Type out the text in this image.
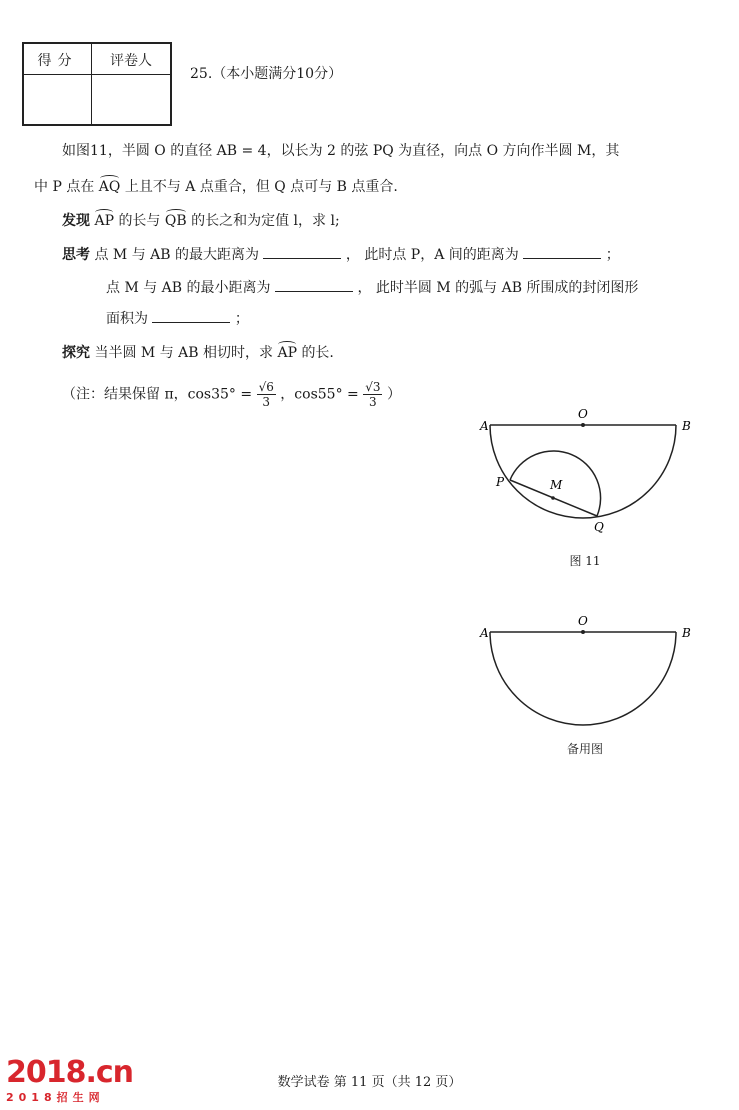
得分	评卷人
25.（本小题满分10分）
如图11，半圆 O 的直径 AB = 4，以长为 2 的弦 PQ 为直径，向点 O 方向作半圆 M，其
中 P 点在 AQ 上且不与 A 点重合，但 Q 点可与 B 点重合.
发现 AP 的长与 QB 的长之和为定值 l，求 l;
思考 点 M 与 AB 的最大距离为	， 此时点 P，A 间的距离为	；
点 M 与 AB 的最小距离为	， 此时半圆 M 的弧与 AB 所围成的封闭图形
面积为	；
探究 当半圆 M 与 AB 相切时，求 AP 的长.
（注：结果保留 π，$\cos 35^\circ = \frac{√6}{3}$ ，$\cos 55^\circ = \frac{√3}{3}$ ）
A
O
B
P	M
Q
图 11
A
O
B
备用图
2018.cn
2018招生网
数学试卷 第 11 页（共 12 页）
